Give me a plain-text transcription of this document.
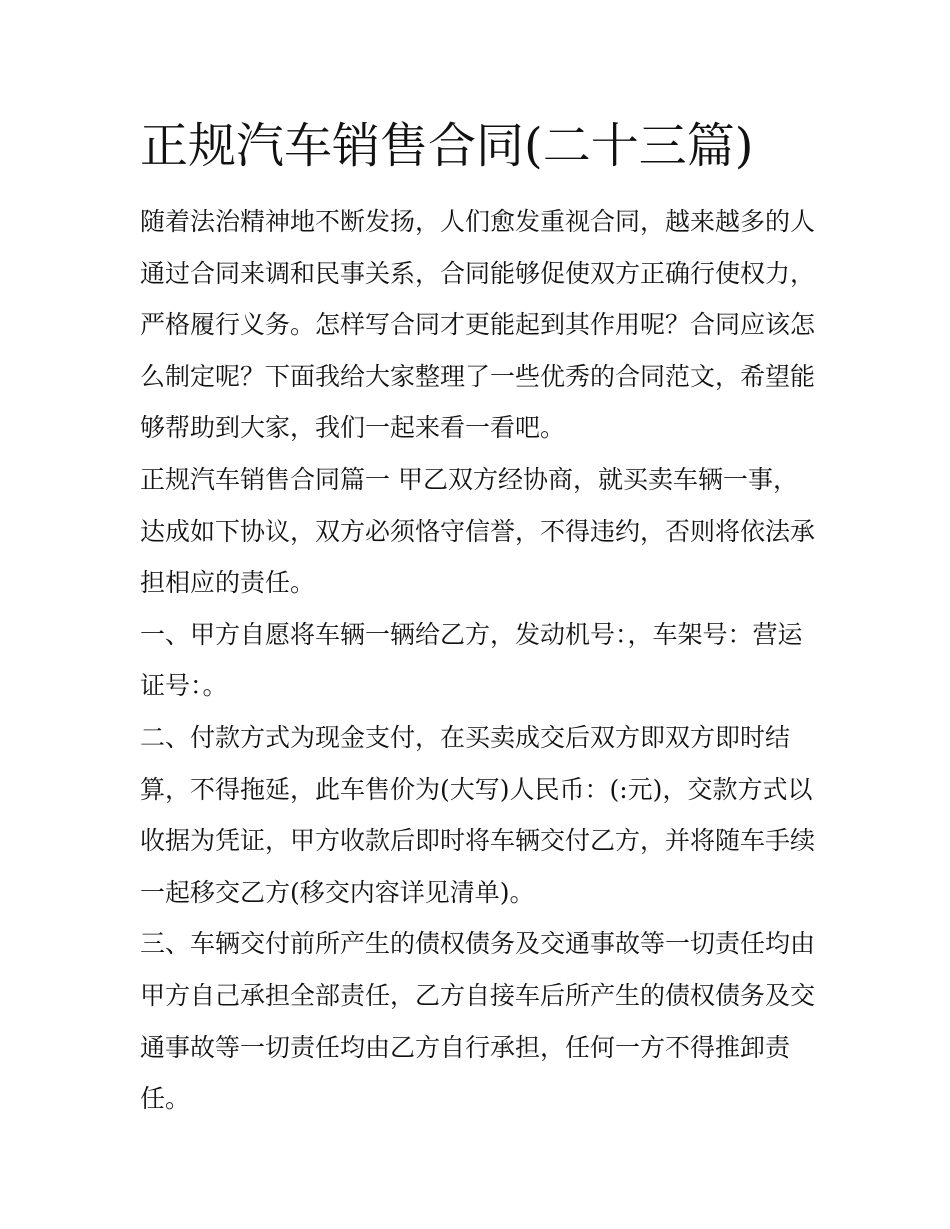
正规汽车销售合同(二十三篇)
随着法治精神地不断发扬，人们愈发重视合同，越来越多的人
通过合同来调和民事关系，合同能够促使双方正确行使权力，
严格履行义务。怎样写合同才更能起到其作用呢？合同应该怎
么制定呢？下面我给大家整理了一些优秀的合同范文，希望能
够帮助到大家，我们一起来看一看吧。
正规汽车销售合同篇一 甲乙双方经协商，就买卖车辆一事，
达成如下协议，双方必须恪守信誉，不得违约，否则将依法承
担相应的责任。
一、甲方自愿将车辆一辆给乙方，发动机号：，车架号：营运
证号：。
二、付款方式为现金支付，在买卖成交后双方即双方即时结
算，不得拖延，此车售价为(大写)人民币：(:元)，交款方式以
收据为凭证，甲方收款后即时将车辆交付乙方，并将随车手续
一起移交乙方(移交内容详见清单)。
三、车辆交付前所产生的债权债务及交通事故等一切责任均由
甲方自己承担全部责任，乙方自接车后所产生的债权债务及交
通事故等一切责任均由乙方自行承担，任何一方不得推卸责
任。
